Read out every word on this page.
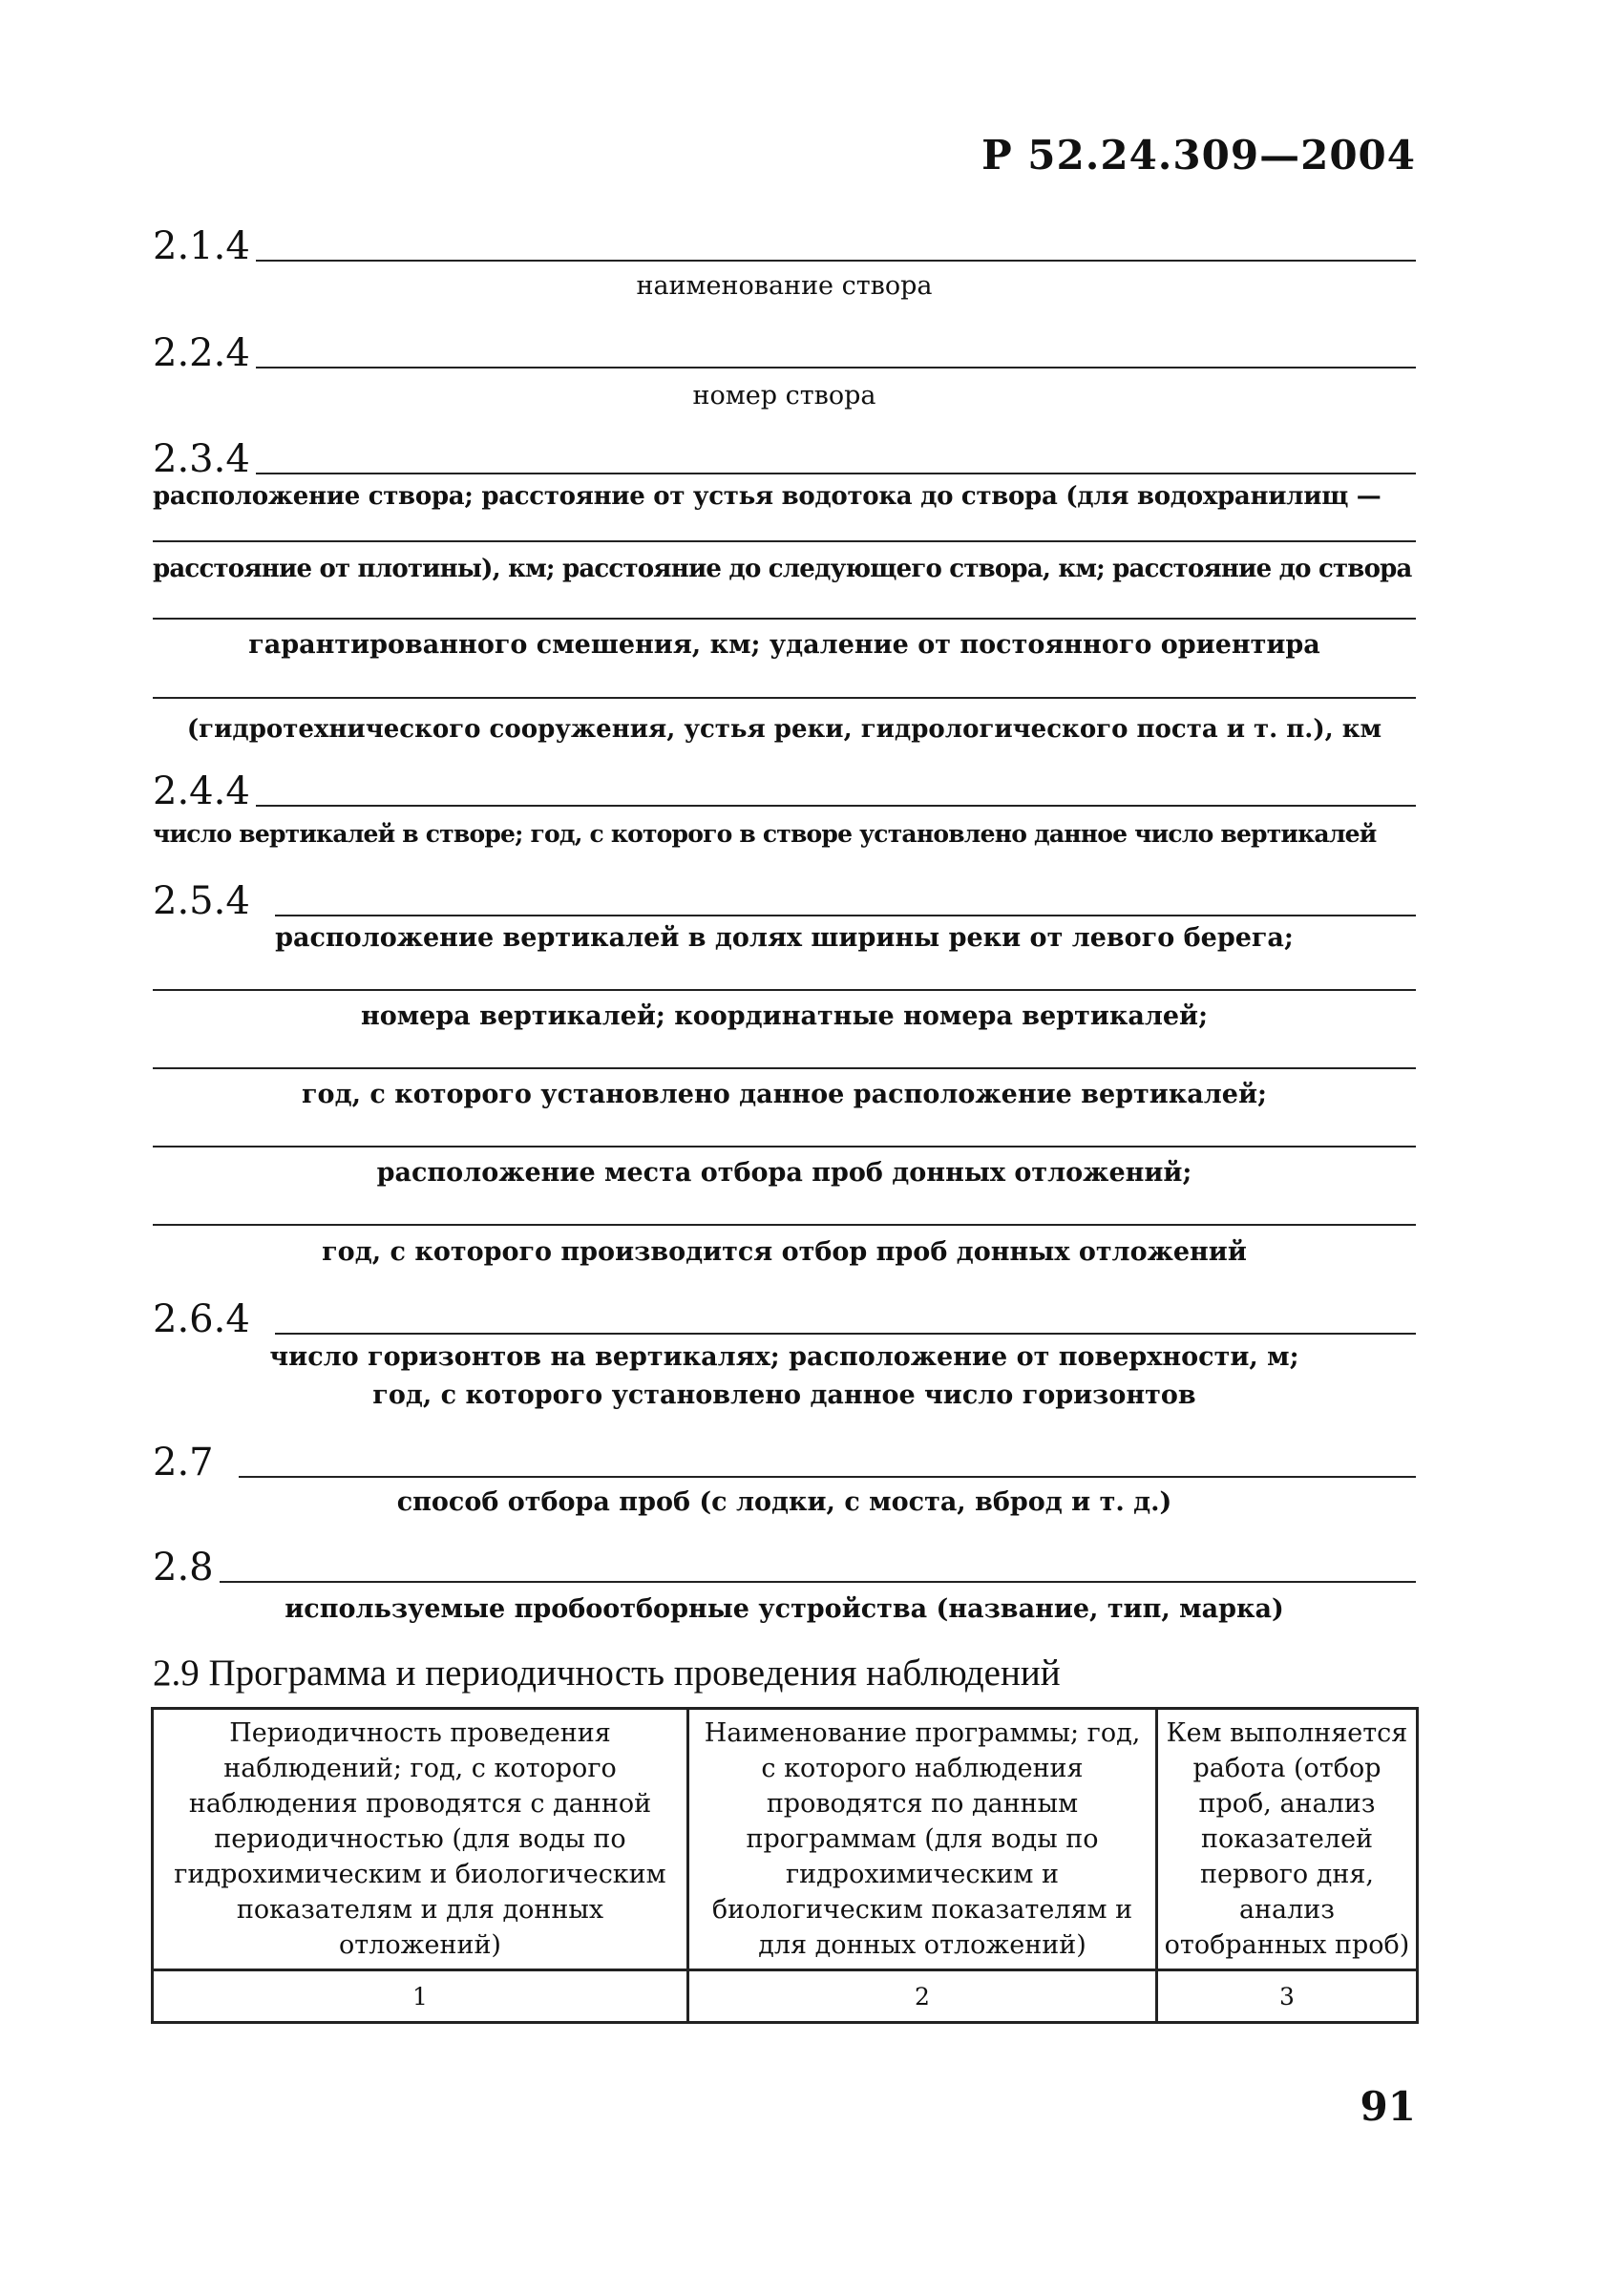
Р 52.24.309—2004
2.1.4
наименование створа
2.2.4
номер створа
2.3.4
расположение створа; расстояние от устья водотока до створа (для водохранилищ —
расстояние от плотины), км; расстояние до следующего створа, км; расстояние до створа
гарантированного смешения, км; удаление от постоянного ориентира
(гидротехнического сооружения, устья реки, гидрологического поста и т. п.), км
2.4.4
число вертикалей в створе; год, с которого в створе установлено данное число вертикалей
2.5.4
расположение вертикалей в долях ширины реки от левого берега;
номера вертикалей; координатные номера вертикалей;
год, с которого установлено данное расположение вертикалей;
расположение места отбора проб донных отложений;
год, с которого производится отбор проб донных отложений
2.6.4
число горизонтов на вертикалях; расположение от поверхности, м;
год, с которого установлено данное число горизонтов
2.7
способ отбора проб (с лодки, с моста, вброд и т. д.)
2.8
используемые пробоотборные устройства (название, тип, марка)
2.9 Программа и периодичность проведения наблюдений
Периодичность проведения наблюдений; год, с которого наблюдения проводятся с данной периодичностью (для воды по гидрохимическим и биологическим показателям и для донных отложений)	Наименование программы; год, с которого наблюдения проводятся по данным программам (для воды по гидрохимическим и биологическим показателям и для донных отложений)	Кем выполняется работа (отбор проб, анализ показателей первого дня, анализ отобранных проб)
1	2	3
91
